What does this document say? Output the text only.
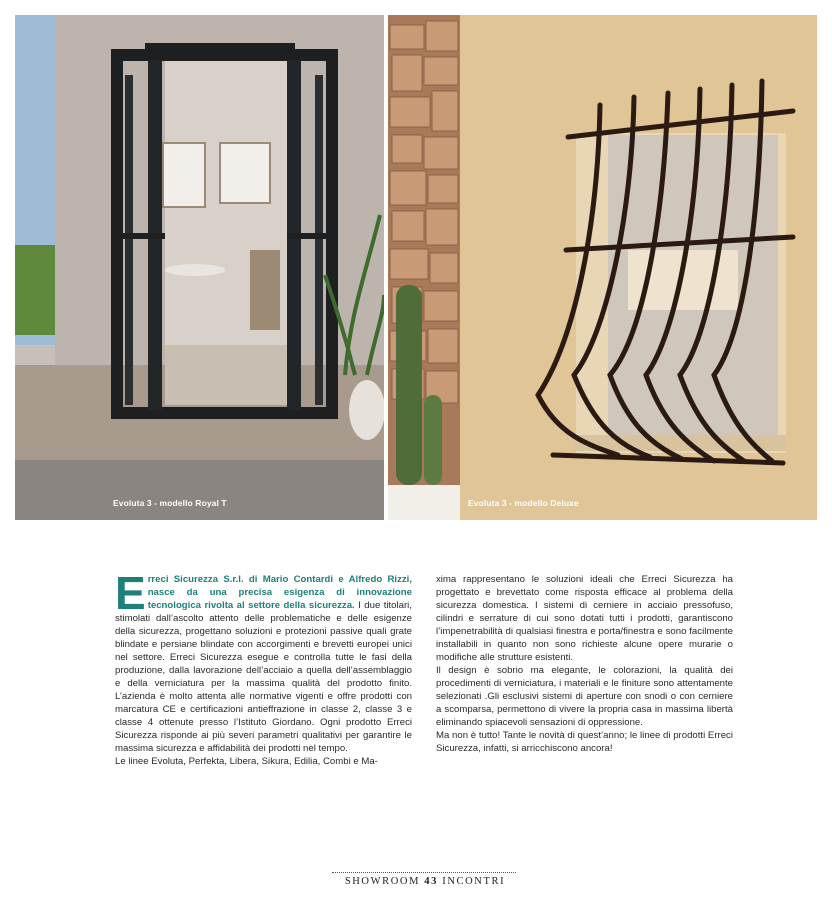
Evoluta 3 - modello Royal T	Evoluta 3 - modello Deluxe

Erreci Sicurezza S.r.l. di Mario Contardi e Alfredo Rizzi, nasce da una precisa esigenza di innovazione tecnologica rivolta al settore della sicurezza. I due titolari, stimolati dall’ascolto attento delle problematiche e delle esigenze della sicurezza, progettano soluzioni e protezioni passive quali grate blindate e persiane blindate con accorgimenti e brevetti europei unici nel settore. Erreci Sicurezza esegue e controlla tutte le fasi della produzione, dalla lavorazione dell’acciaio a quella dell’assemblaggio e della verniciatura per la massima qualità del prodotto finito. L’azienda è molto attenta alle normative vigenti e offre prodotti con marcatura CE e certificazioni antieffrazione in classe 2, classe 3 e classe 4 ottenute presso l’Istituto Giordano. Ogni prodotto Erreci Sicurezza risponde ai più severi parametri qualitativi per garantire le massima sicurezza e affidabilità dei prodotti nel tempo.

Le linee Evoluta, Perfekta, Libera, Sikura, Edilia, Combi e Ma-

xima rappresentano le soluzioni ideali che Erreci Sicurezza ha progettato e brevettato come risposta efficace al problema della sicurezza domestica. I sistemi di cerniere in acciaio pressofuso, cilindri e serrature di cui sono dotati tutti i prodotti, garantiscono l’impenetrabilità di qualsiasi finestra e porta/finestra e sono facilmente installabili in quanto non sono richieste alcune opere murarie o modifiche alle strutture esistenti.

Il design è sobrio ma elegante, le colorazioni, la qualità dei procedimenti di verniciatura, i materiali e le finiture sono attentamente selezionati .Gli esclusivi sistemi di aperture con snodi o con cerniere a scomparsa, permettono di vivere la propria casa in massima libertà eliminando spiacevoli sensazioni di oppressione.

Ma non è tutto! Tante le novità di quest’anno; le linee di prodotti Erreci Sicurezza, infatti, si arricchiscono ancora!

SHOWROOM 43 INCONTRI
